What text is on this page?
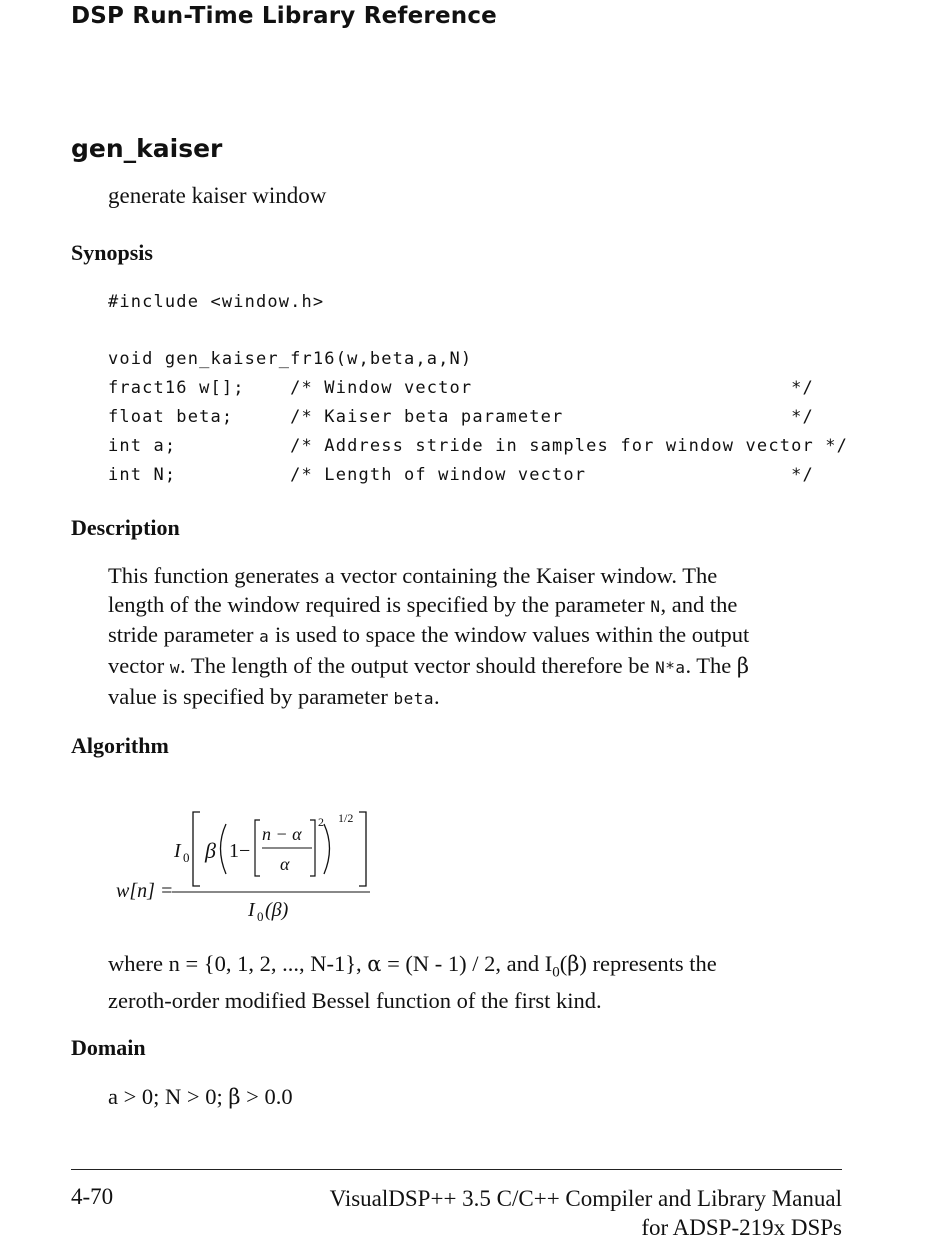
DSP Run-Time Library Reference
gen_kaiser
generate kaiser window
Synopsis
#include <window.h>
void gen_kaiser_fr16(w,beta,a,N)
fract16 w[];    /* Window vector                            */
float beta;     /* Kaiser beta parameter                    */
int a;          /* Address stride in samples for window vector */
int N;          /* Length of window vector                  */
Description
This function generates a vector containing the Kaiser window. The
length of the window required is specified by the parameter N, and the
stride parameter a is used to space the window values within the output
vector w. The length of the output vector should therefore be N*a. The β
value is specified by parameter beta.
Algorithm
w[n] =
I 0 β 1−
n − α
α
2 1/2
I 0 (β)
where n = {0, 1, 2, ..., N-1}, α = (N - 1) / 2, and $I_0(\beta)$ represents the
zeroth-order modified Bessel function of the first kind.
Domain
a > 0; N > 0; β > 0.0
4-70	VisualDSP++ 3.5 C/C++ Compiler and Library Manual
for ADSP-219x DSPs
